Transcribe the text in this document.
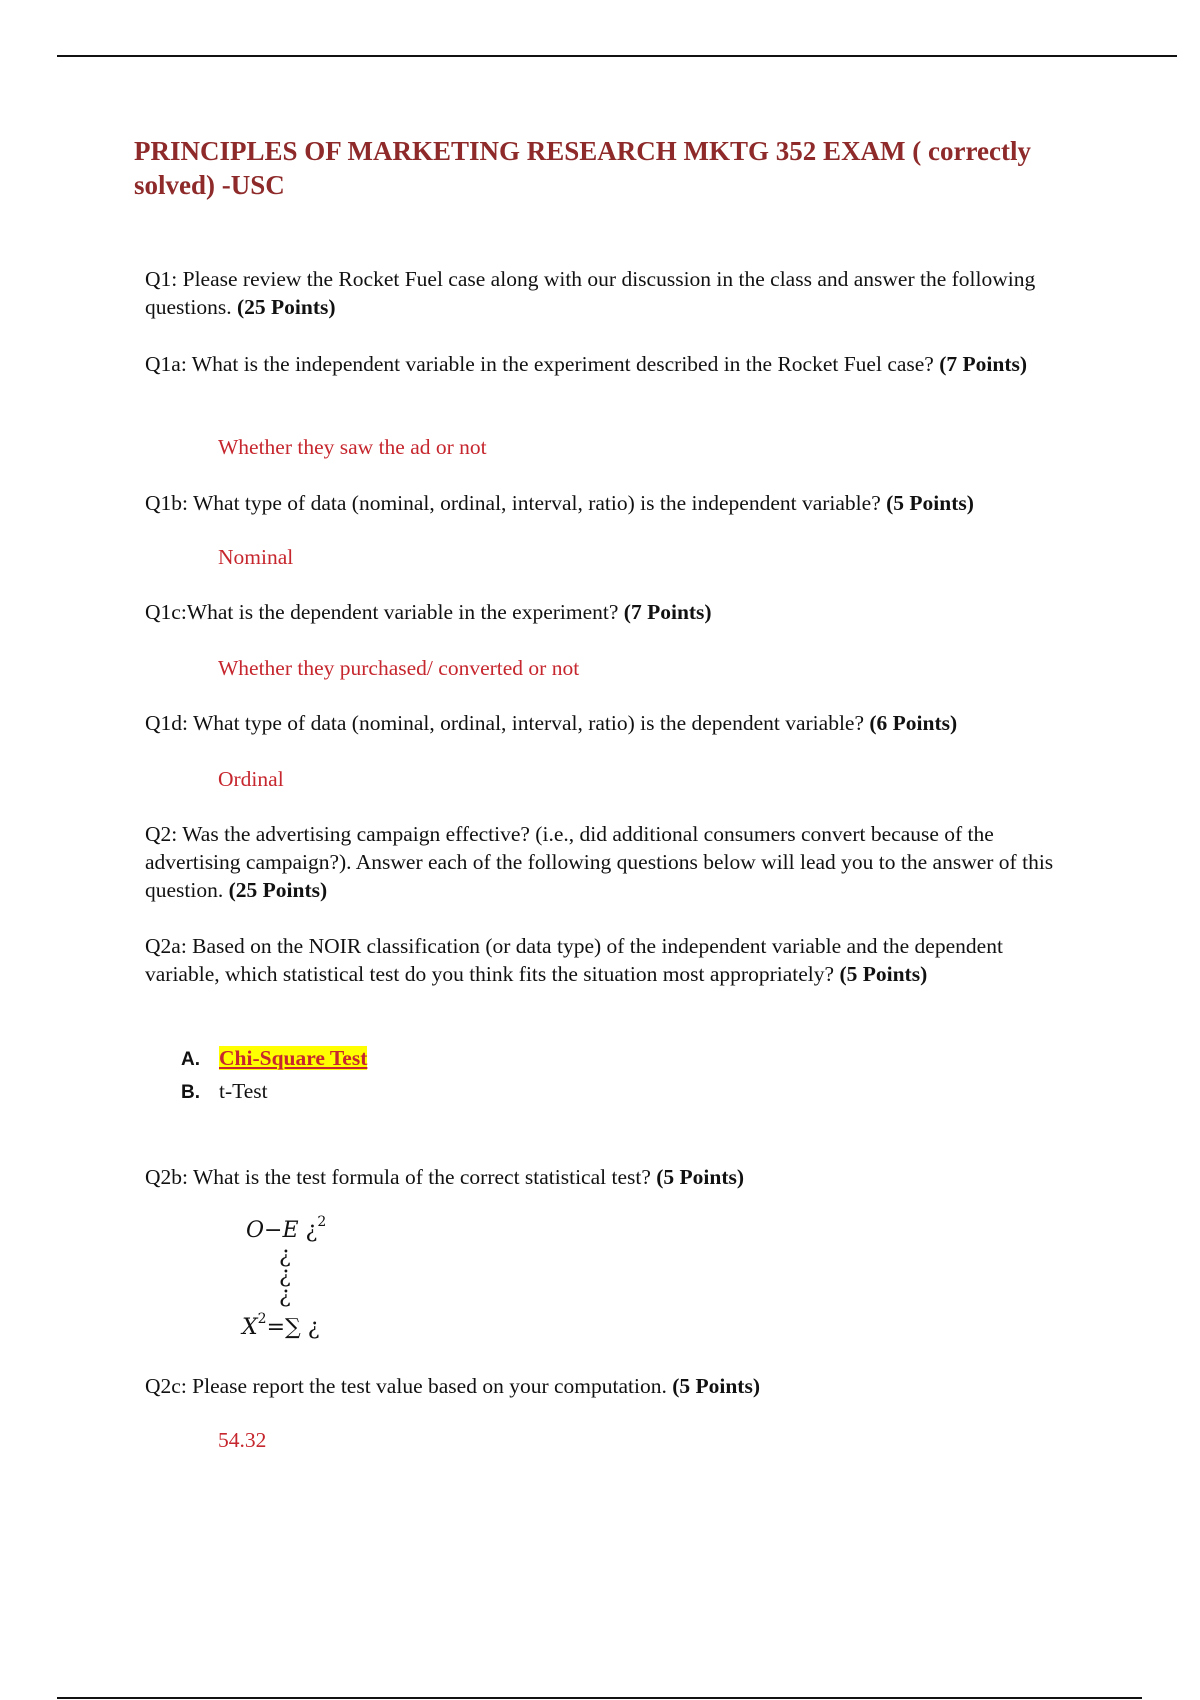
PRINCIPLES OF MARKETING RESEARCH MKTG 352 EXAM ( correctly solved) -USC
Q1: Please review the Rocket Fuel case along with our discussion in the class and answer the following questions. (25 Points)
Q1a: What is the independent variable in the experiment described in the Rocket Fuel case? (7 Points)
Whether they saw the ad or not
Q1b: What type of data (nominal, ordinal, interval, ratio) is the independent variable? (5 Points)
Nominal
Q1c:What is the dependent variable in the experiment? (7 Points)
Whether they purchased/ converted or not
Q1d: What type of data (nominal, ordinal, interval, ratio) is the dependent variable? (6 Points)
Ordinal
Q2: Was the advertising campaign effective? (i.e., did additional consumers convert because of the advertising campaign?). Answer each of the following questions below will lead you to the answer of this question. (25 Points)
Q2a: Based on the NOIR classification (or data type) of the independent variable and the dependent variable, which statistical test do you think fits the situation most appropriately? (5 Points)
A. Chi-Square Test
B. t-Test
Q2b: What is the test formula of the correct statistical test? (5 Points)
O−E ¿$^2$
¿
¿
¿
$X^2=\sum$ ¿
Q2c: Please report the test value based on your computation. (5 Points)
54.32
